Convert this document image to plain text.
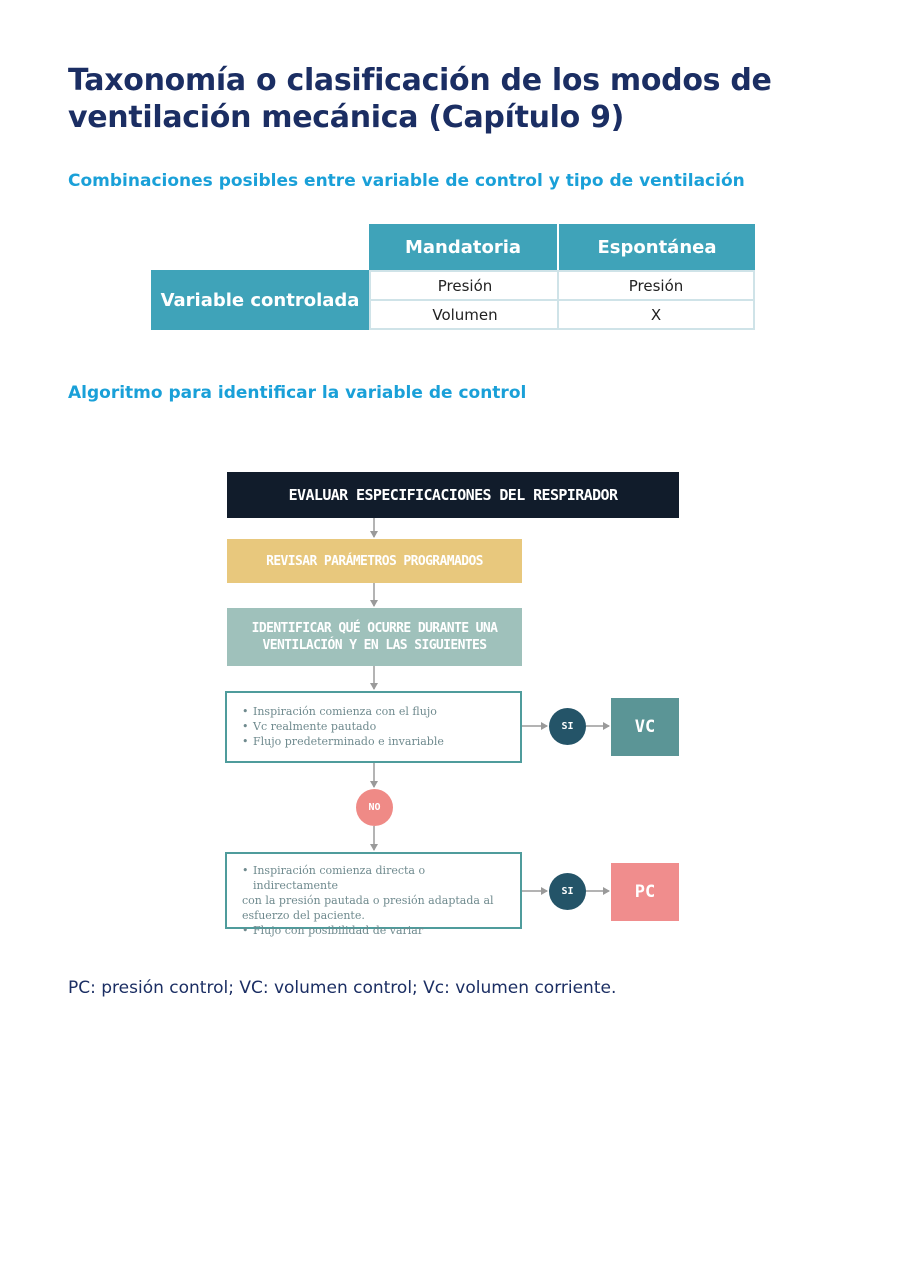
Taxonomía o clasificación de los modos de ventilación mecánica (Capítulo 9)
Combinaciones posibles entre variable de control y tipo de ventilación
Mandatoria	Espontánea
Variable controlada
Presión	Presión
Volumen	X
Algoritmo para identificar la variable de control
EVALUAR ESPECIFICACIONES DEL RESPIRADOR
REVISAR PARÁMETROS PROGRAMADOS
IDENTIFICAR QUÉ OCURRE DURANTE UNA VENTILACIÓN Y EN LAS SIGUIENTES
• Inspiración comienza con el flujo
• Vc realmente pautado
• Flujo predeterminado e invariable
SI	VC
NO
• Inspiración comienza directa o indirectamente
con la presión pautada o presión adaptada al esfuerzo del paciente.
• Flujo con posibilidad de variar
SI	PC

PC: presión control; VC: volumen control; Vc: volumen corriente.
